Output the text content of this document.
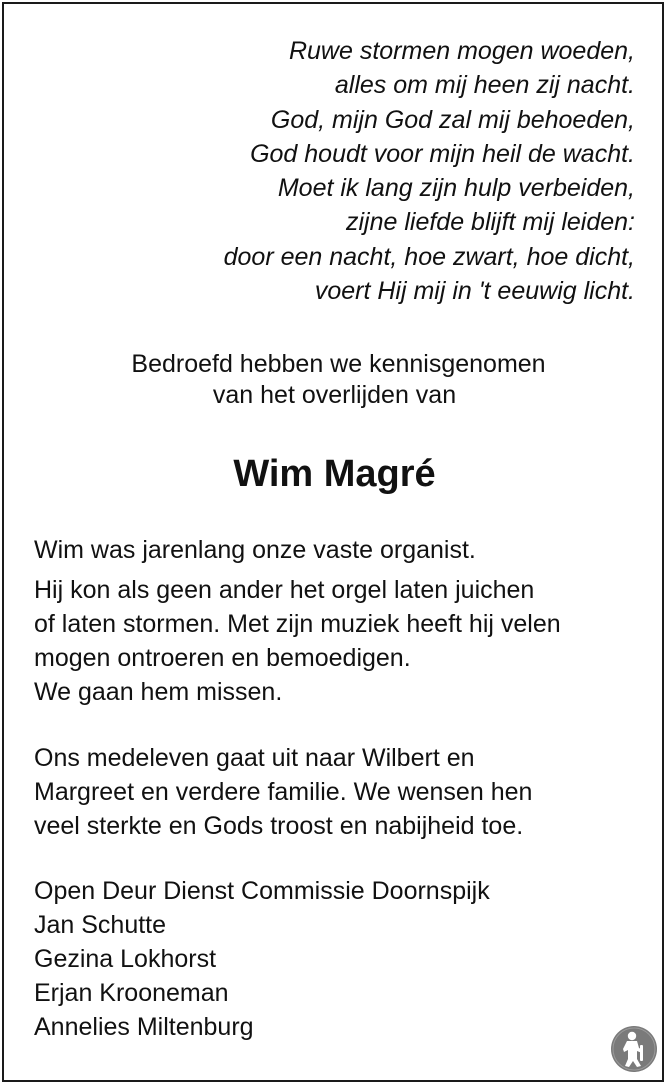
Ruwe stormen mogen woeden,
alles om mij heen zij nacht.
God, mijn God zal mij behoeden,
God houdt voor mijn heil de wacht.
Moet ik lang zijn hulp verbeiden,
zijne liefde blijft mij leiden:
door een nacht, hoe zwart, hoe dicht,
voert Hij mij in 't eeuwig licht.
Bedroefd hebben we kennisgenomen
van het overlijden van
Wim Magré
Wim was jarenlang onze vaste organist.
Hij kon als geen ander het orgel laten juichen
of laten stormen. Met zijn muziek heeft hij velen
mogen ontroeren en bemoedigen.
We gaan hem missen.
Ons medeleven gaat uit naar Wilbert en
Margreet en verdere familie. We wensen hen
veel sterkte en Gods troost en nabijheid toe.
Open Deur Dienst Commissie Doornspijk
Jan Schutte
Gezina Lokhorst
Erjan Krooneman
Annelies Miltenburg
